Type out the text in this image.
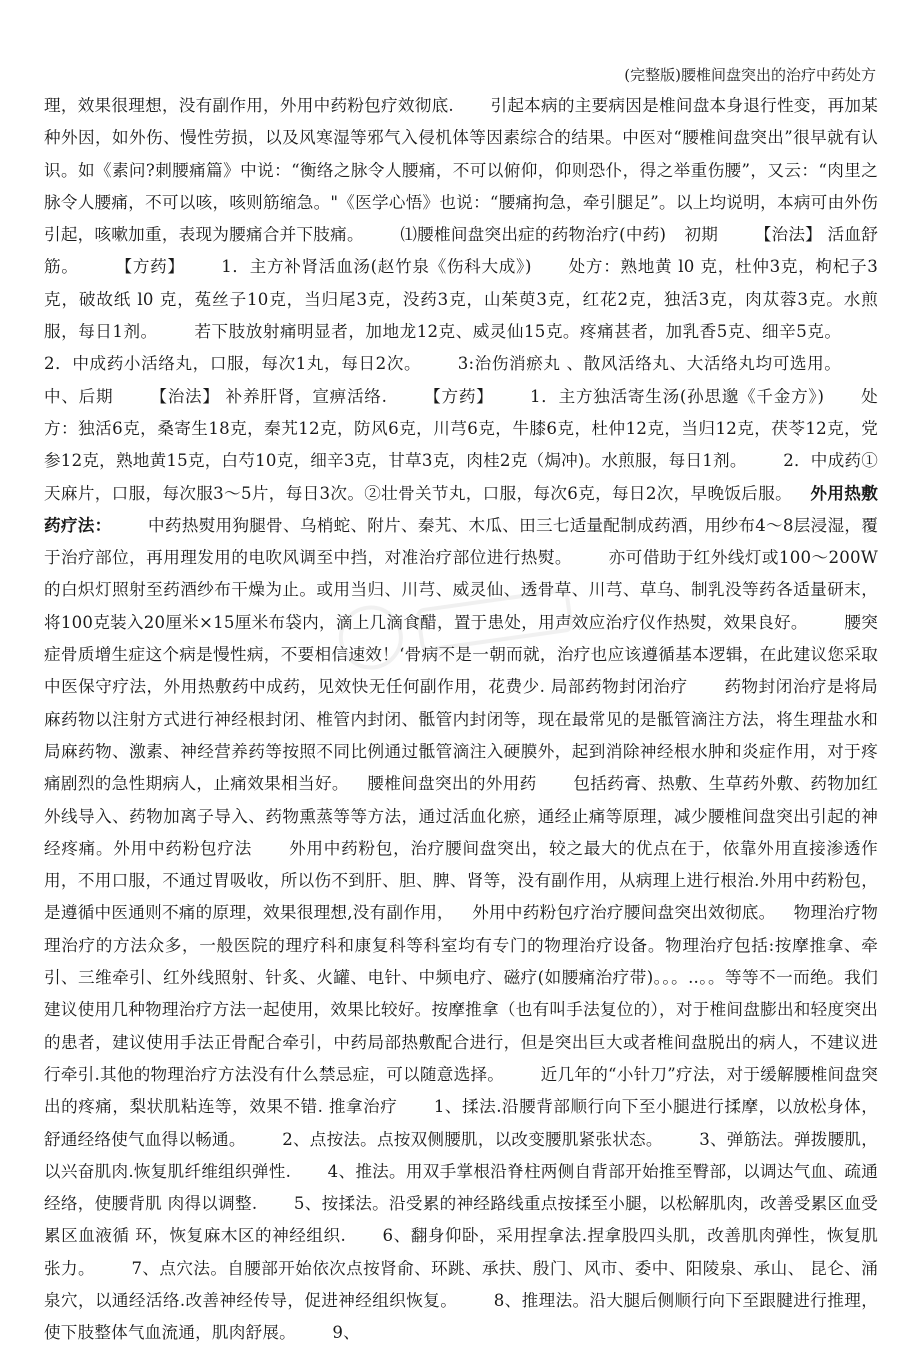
(完整版)腰椎间盘突出的治疗中药处方
理，效果很理想，没有副作用，外用中药粉包疗效彻底. 引起本病的主要病因是椎间盘本身退行性变，再加某种外因，如外伤、慢性劳损，以及风寒湿等邪气入侵机体等因素综合的结果。中医对“腰椎间盘突出”很早就有认识。如《素问?刺腰痛篇》中说：“衡络之脉令人腰痛，不可以俯仰，仰则恐仆，得之举重伤腰”，又云：“肉里之脉令人腰痛，不可以咳，咳则筋缩急。"《医学心悟》也说：“腰痛拘急，牵引腿足”。以上均说明，本病可由外伤引起，咳嗽加重，表现为腰痛合并下肢痛。 ⑴腰椎间盘突出症的药物治疗(中药) 初期 【治法】 活血舒筋。 【方药】 1．主方补肾活血汤(赵竹泉《伤科大成》) 处方：熟地黄 l0 克，杜仲3克，枸杞子3克，破故纸 l0 克，菟丝子10克，当归尾3克，没药3克，山茱萸3克，红花2克，独活3克，肉苁蓉3克。水煎服，每日1剂。 若下肢放射痛明显者，加地龙12克、威灵仙15克。疼痛甚者，加乳香5克、细辛5克。2．中成药小活络丸，口服，每次1丸，每日2次。 3:治伤消瘀丸 、散风活络丸、大活络丸均可选用。中、后期 【治法】 补养肝肾，宣痹活络. 【方药】 1．主方独活寄生汤(孙思邈《千金方》) 处方：独活6克，桑寄生18克，秦艽12克，防风6克，川芎6克，牛膝6克，杜仲12克，当归12克，茯苓12克，党参12克，熟地黄15克，白芍10克，细辛3克，甘草3克，肉桂2克（焗冲)。水煎服，每日1剂。 2．中成药①天麻片，口服，每次服3～5片，每日3次。②壮骨关节丸，口服，每次6克，每日2次，早晚饭后服。 外用热敷药疗法： 中药热熨用狗腿骨、乌梢蛇、附片、秦艽、木瓜、田三七适量配制成药酒，用纱布4～8层浸湿，覆于治疗部位，再用理发用的电吹风调至中挡，对准治疗部位进行热熨。 亦可借助于红外线灯或100～200W 的白炽灯照射至药酒纱布干燥为止。或用当归、川芎、威灵仙、透骨草、川芎、草乌、制乳没等药各适量研末，将100克装入20厘米×15厘米布袋内，滴上几滴食醋，置于患处，用声效应治疗仪作热熨，效果良好。 腰突症骨质增生症这个病是慢性病，不要相信速效！‘骨病不是一朝而就，治疗也应该遵循基本逻辑，在此建议您采取中医保守疗法，外用热敷药中成药，见效快无任何副作用，花费少. 局部药物封闭治疗 药物封闭治疗是将局麻药物以注射方式进行神经根封闭、椎管内封闭、骶管内封闭等，现在最常见的是骶管滴注方法，将生理盐水和局麻药物、激素、神经营养药等按照不同比例通过骶管滴注入硬膜外，起到消除神经根水肿和炎症作用，对于疼痛剧烈的急性期病人，止痛效果相当好。 腰椎间盘突出的外用药 包括药膏、热敷、生草药外敷、药物加红外线导入、药物加离子导入、药物熏蒸等等方法，通过活血化瘀，通经止痛等原理，减少腰椎间盘突出引起的神经疼痛。外用中药粉包疗法 外用中药粉包，治疗腰间盘突出，较之最大的优点在于，依靠外用直接渗透作用，不用口服，不通过胃吸收，所以伤不到肝、胆、脾、肾等，没有副作用，从病理上进行根治.外用中药粉包，是遵循中医通则不痛的原理，效果很理想,没有副作用， 外用中药粉包疗治疗腰间盘突出效彻底。 物理治疗物理治疗的方法众多，一般医院的理疗科和康复科等科室均有专门的物理治疗设备。物理治疗包括:按摩推拿、牵引、三维牵引、红外线照射、针炙、火罐、电针、中频电疗、磁疗(如腰痛治疗带)。。。..。。等等不一而绝。我们建议使用几种物理治疗方法一起使用，效果比较好。按摩推拿（也有叫手法复位的），对于椎间盘膨出和轻度突出的患者，建议使用手法正骨配合牵引，中药局部热敷配合进行，但是突出巨大或者椎间盘脱出的病人，不建议进行牵引.其他的物理治疗方法没有什么禁忌症，可以随意选择。 近几年的“小针刀”疗法，对于缓解腰椎间盘突出的疼痛，梨状肌粘连等，效果不错. 推拿治疗 1、揉法.沿腰背部顺行向下至小腿进行揉摩，以放松身体，舒通经络使气血得以畅通。 2、点按法。点按双侧腰肌，以改变腰肌紧张状态。 3、弹筋法。弹拨腰肌，以兴奋肌肉.恢复肌纤维组织弹性. 4、推法。用双手掌根沿脊柱两侧自背部开始推至臀部，以调达气血、疏通经络，使腰背肌 肉得以调整. 5、按揉法。沿受累的神经路线重点按揉至小腿，以松解肌肉，改善受累区血受累区血液循 环，恢复麻木区的神经组织. 6、翻身仰卧，采用捏拿法.捏拿股四头肌，改善肌肉弹性，恢复肌张力。 7、点穴法。自腰部开始依次点按肾俞、环跳、承扶、殷门、风市、委中、阳陵泉、承山、 昆仑、涌泉穴，以通经活络.改善神经传导，促进神经组织恢复。 8、推理法。沿大腿后侧顺行向下至跟腱进行推理，使下肢整体气血流通，肌肉舒展。 9、
